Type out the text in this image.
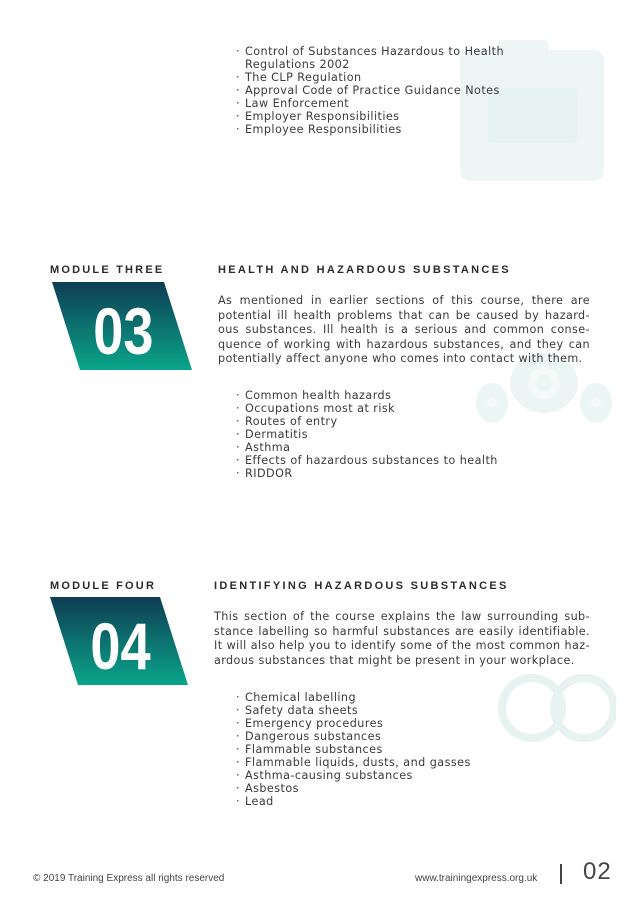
· Control of Substances Hazardous to Health Regulations 2002
· The CLP Regulation
· Approval Code of Practice Guidance Notes
· Law Enforcement
· Employer Responsibilities
· Employee Responsibilities
MODULE THREE	HEALTH AND HAZARDOUS SUBSTANCES
03	As mentioned in earlier sections of this course, there are potential ill health problems that can be caused by hazard-ous substances. Ill health is a serious and common conse-quence of working with hazardous substances, and they can potentially affect anyone who comes into contact with them.
· Common health hazards
· Occupations most at risk
· Routes of entry
· Dermatitis
· Asthma
· Effects of hazardous substances to health
· RIDDOR
MODULE FOUR	IDENTIFYING HAZARDOUS SUBSTANCES
04	This section of the course explains the law surrounding sub-stance labelling so harmful substances are easily identifiable. It will also help you to identify some of the most common haz-ardous substances that might be present in your workplace.
· Chemical labelling
· Safety data sheets
· Emergency procedures
· Dangerous substances
· Flammable substances
· Flammable liquids, dusts, and gasses
· Asthma-causing substances
· Asbestos
· Lead
© 2019 Training Express all rights reserved	www.trainingexpress.org.uk 02
